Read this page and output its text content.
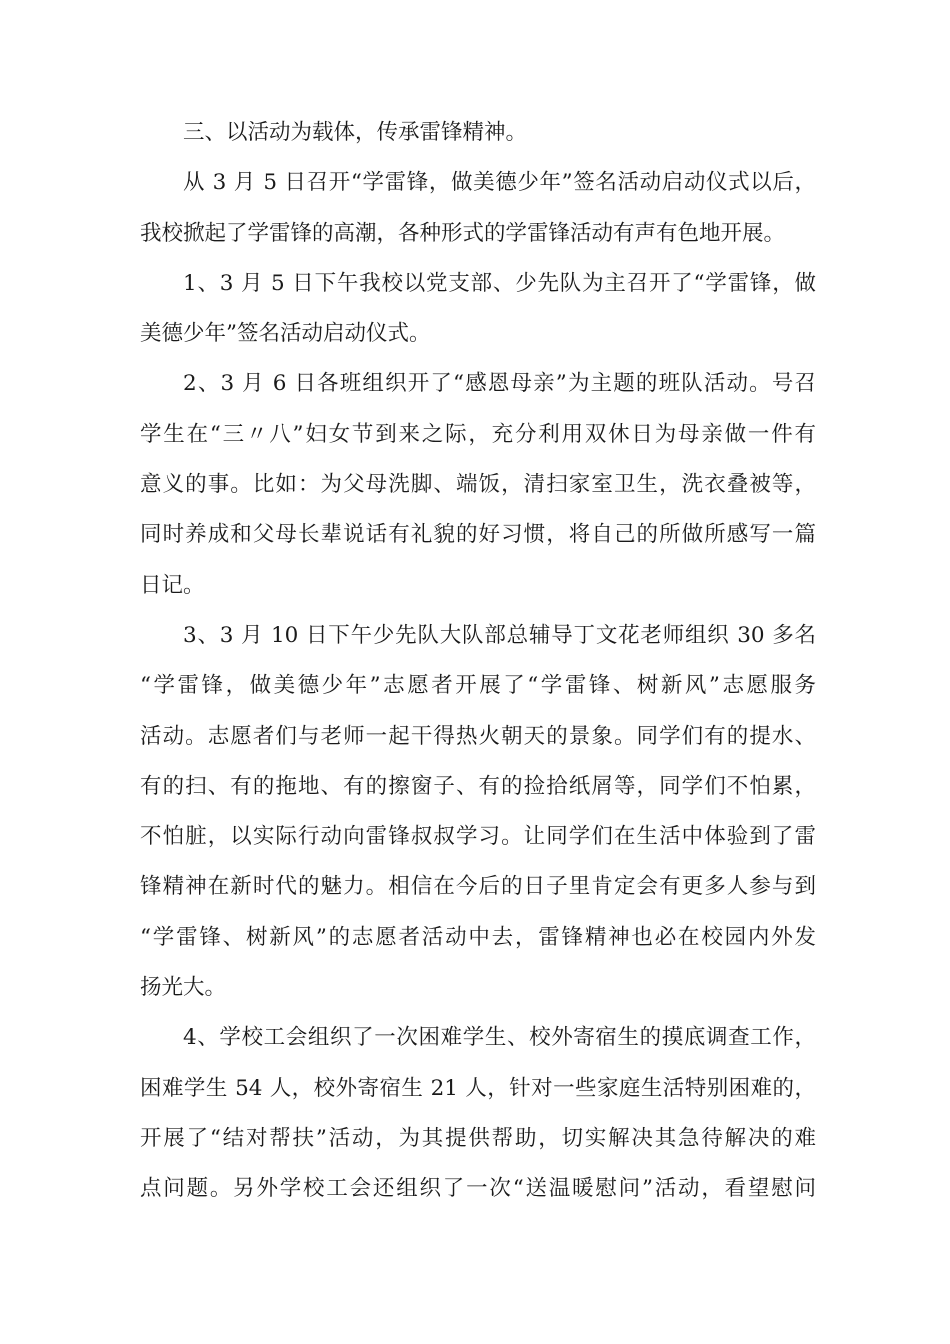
三、以活动为载体，传承雷锋精神。
从 3 月 5 日召开“学雷锋，做美德少年”签名活动启动仪式以后，
我校掀起了学雷锋的高潮，各种形式的学雷锋活动有声有色地开展。
1、3 月 5 日下午我校以党支部、少先队为主召开了“学雷锋，做
美德少年”签名活动启动仪式。
2、3 月 6 日各班组织开了“感恩母亲”为主题的班队活动。号召
学生在“三〃八”妇女节到来之际，充分利用双休日为母亲做一件有
意义的事。比如：为父母洗脚、端饭，清扫家室卫生，洗衣叠被等，
同时养成和父母长辈说话有礼貌的好习惯，将自己的所做所感写一篇
日记。
3、3 月 10 日下午少先队大队部总辅导丁文花老师组织 30 多名
“学雷锋，做美德少年”志愿者开展了“学雷锋、树新风”志愿服务
活动。志愿者们与老师一起干得热火朝天的景象。同学们有的提水、
有的扫、有的拖地、有的擦窗子、有的捡拾纸屑等，同学们不怕累，
不怕脏，以实际行动向雷锋叔叔学习。让同学们在生活中体验到了雷
锋精神在新时代的魅力。相信在今后的日子里肯定会有更多人参与到
“学雷锋、树新风”的志愿者活动中去，雷锋精神也必在校园内外发
扬光大。
4、学校工会组织了一次困难学生、校外寄宿生的摸底调查工作，
困难学生 54 人，校外寄宿生 21 人，针对一些家庭生活特别困难的，
开展了“结对帮扶”活动，为其提供帮助，切实解决其急待解决的难
点问题。另外学校工会还组织了一次“送温暖慰问”活动，看望慰问
